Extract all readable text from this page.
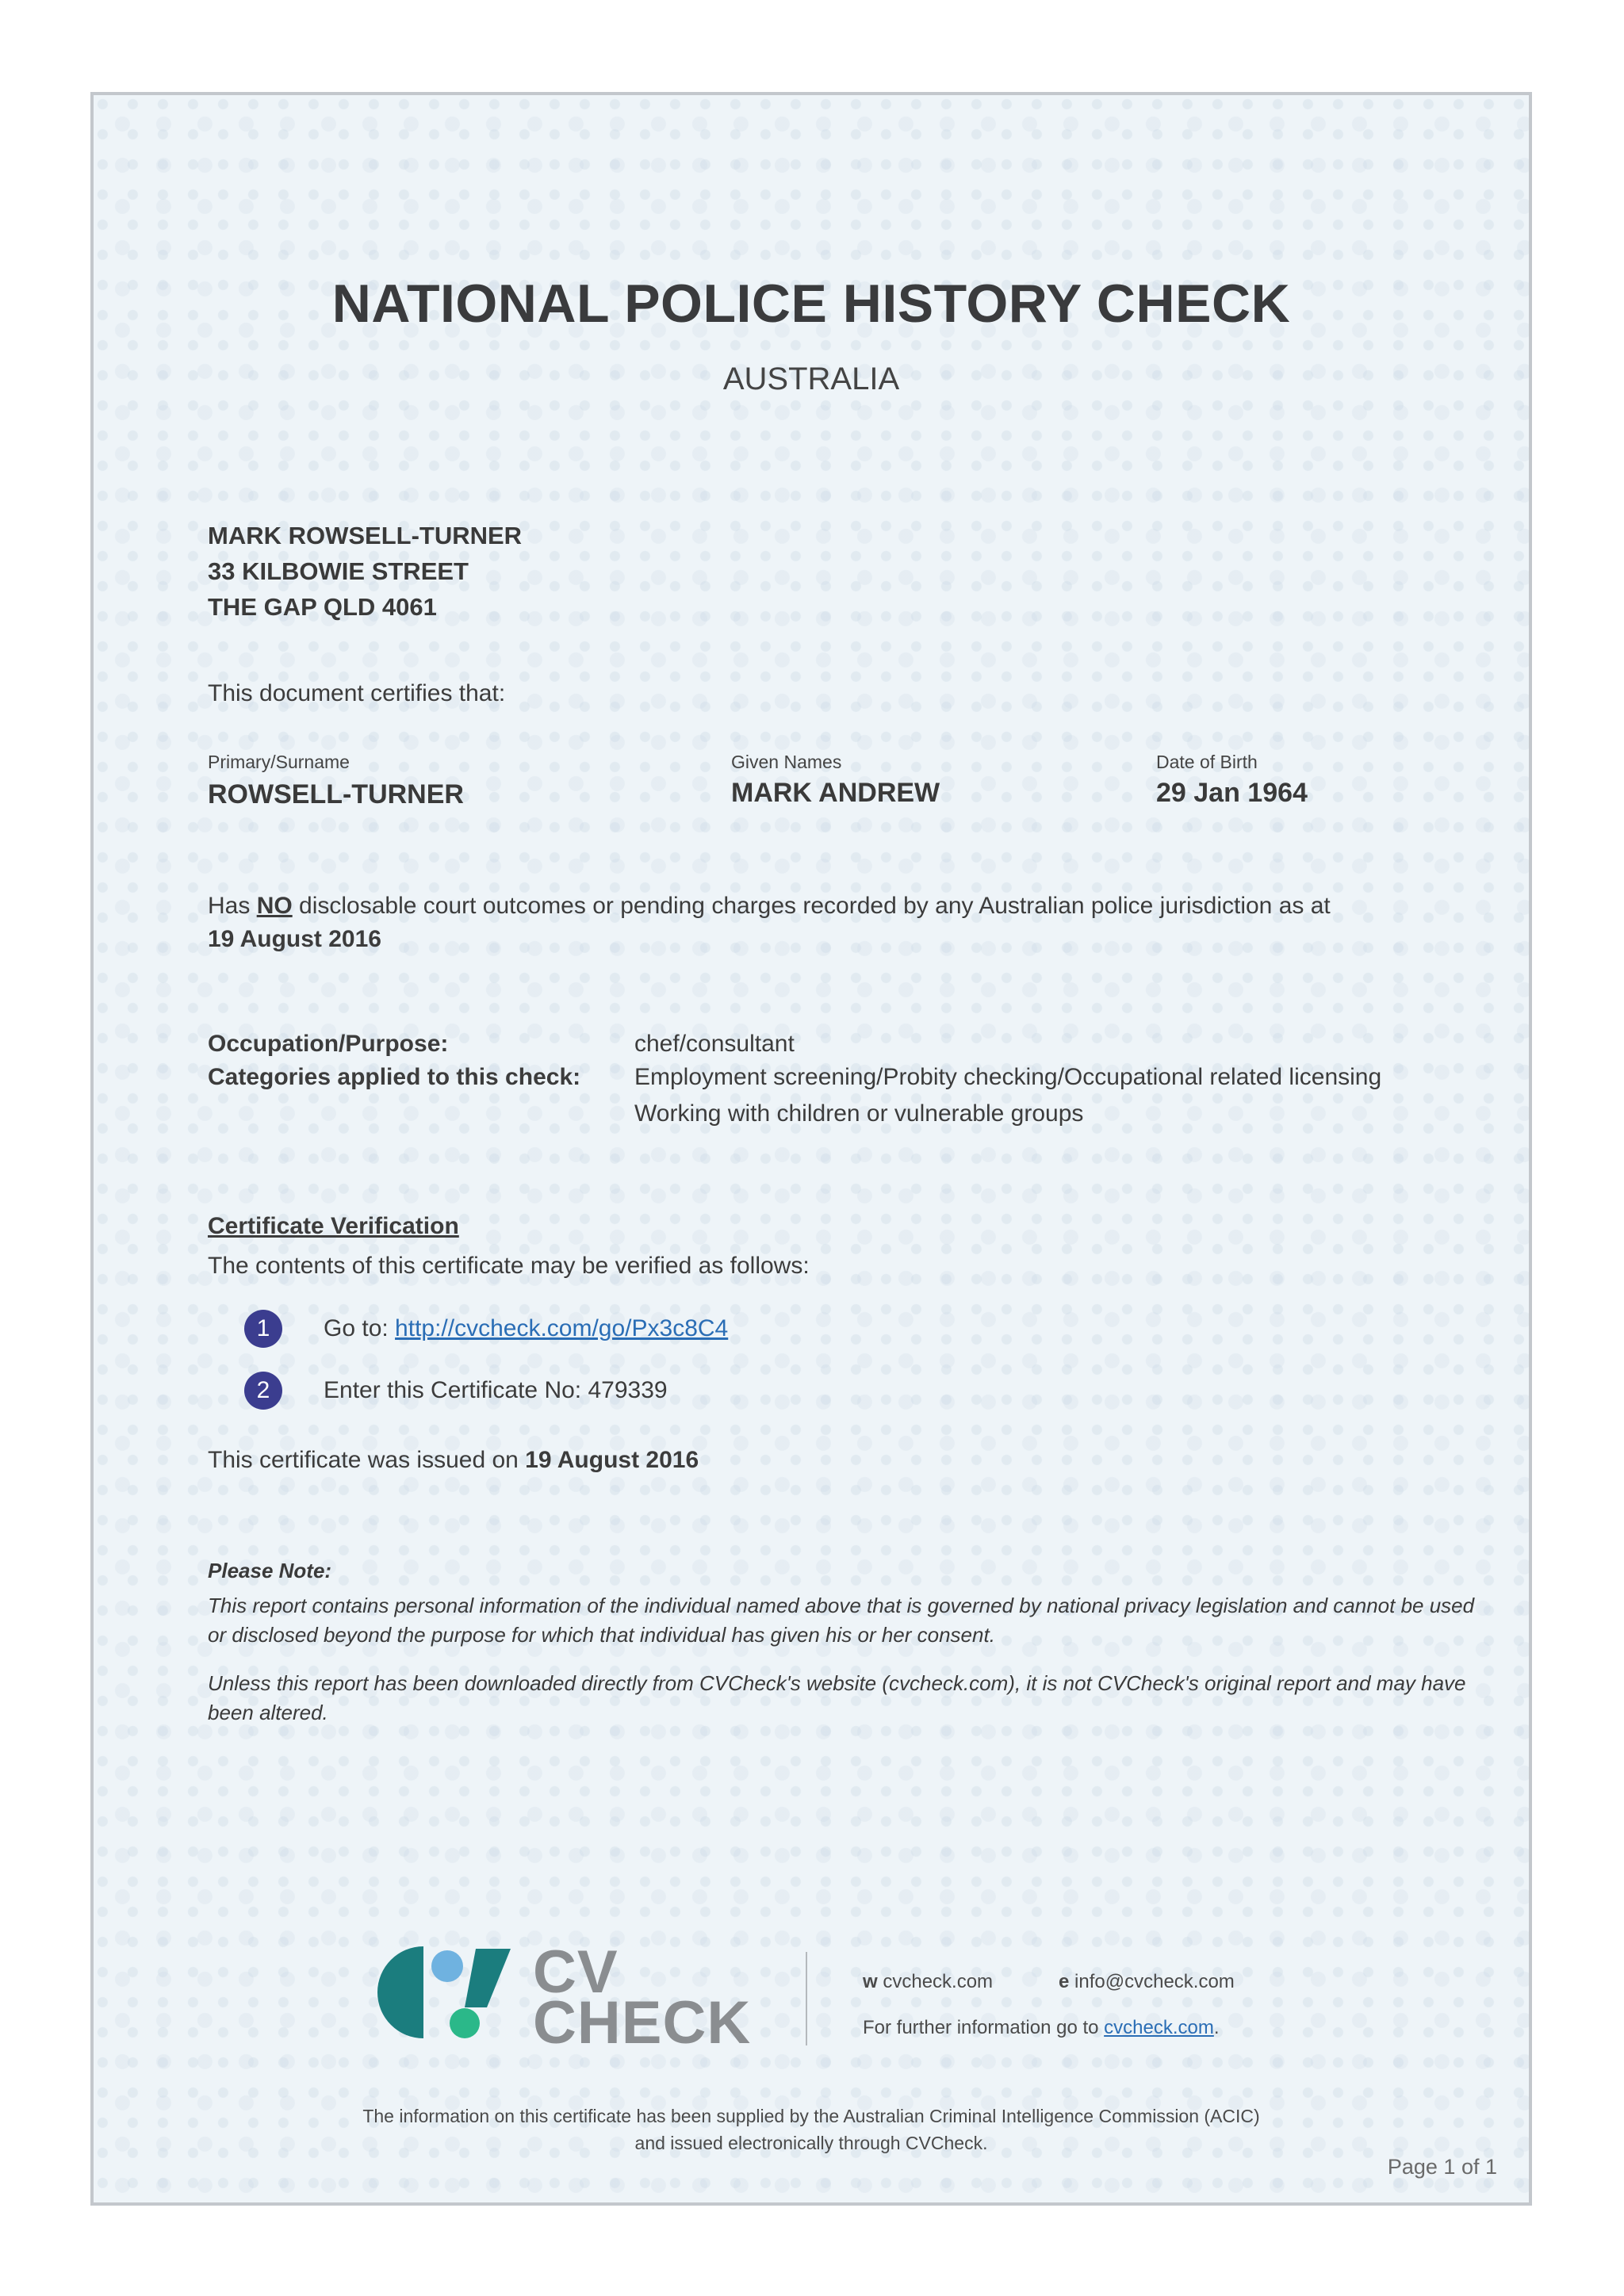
NATIONAL POLICE HISTORY CHECK
AUSTRALIA
MARK ROWSELL-TURNER
33 KILBOWIE STREET
THE GAP QLD 4061
This document certifies that:
Primary/Surname
ROWSELL-TURNER
Given Names
MARK ANDREW
Date of Birth
29 Jan 1964
Has NO disclosable court outcomes or pending charges recorded by any Australian police jurisdiction as at
19 August 2016
Occupation/Purpose:	chef/consultant
Categories applied to this check: Employment screening/Probity checking/Occupational related licensing
Working with children or vulnerable groups
Certificate Verification
The contents of this certificate may be verified as follows:
1	Go to: http://cvcheck.com/go/Px3c8C4
2	Enter this Certificate No: 479339
This certificate was issued on 19 August 2016
Please Note:
This report contains personal information of the individual named above that is governed by national privacy legislation and cannot be used or disclosed beyond the purpose for which that individual has given his or her consent.
Unless this report has been downloaded directly from CVCheck's website (cvcheck.com), it is not CVCheck's original report and may have been altered.
CV
CHECK
w cvcheck.com	e info@cvcheck.com
For further information go to cvcheck.com.
The information on this certificate has been supplied by the Australian Criminal Intelligence Commission (ACIC)
and issued electronically through CVCheck.
Page 1 of 1
